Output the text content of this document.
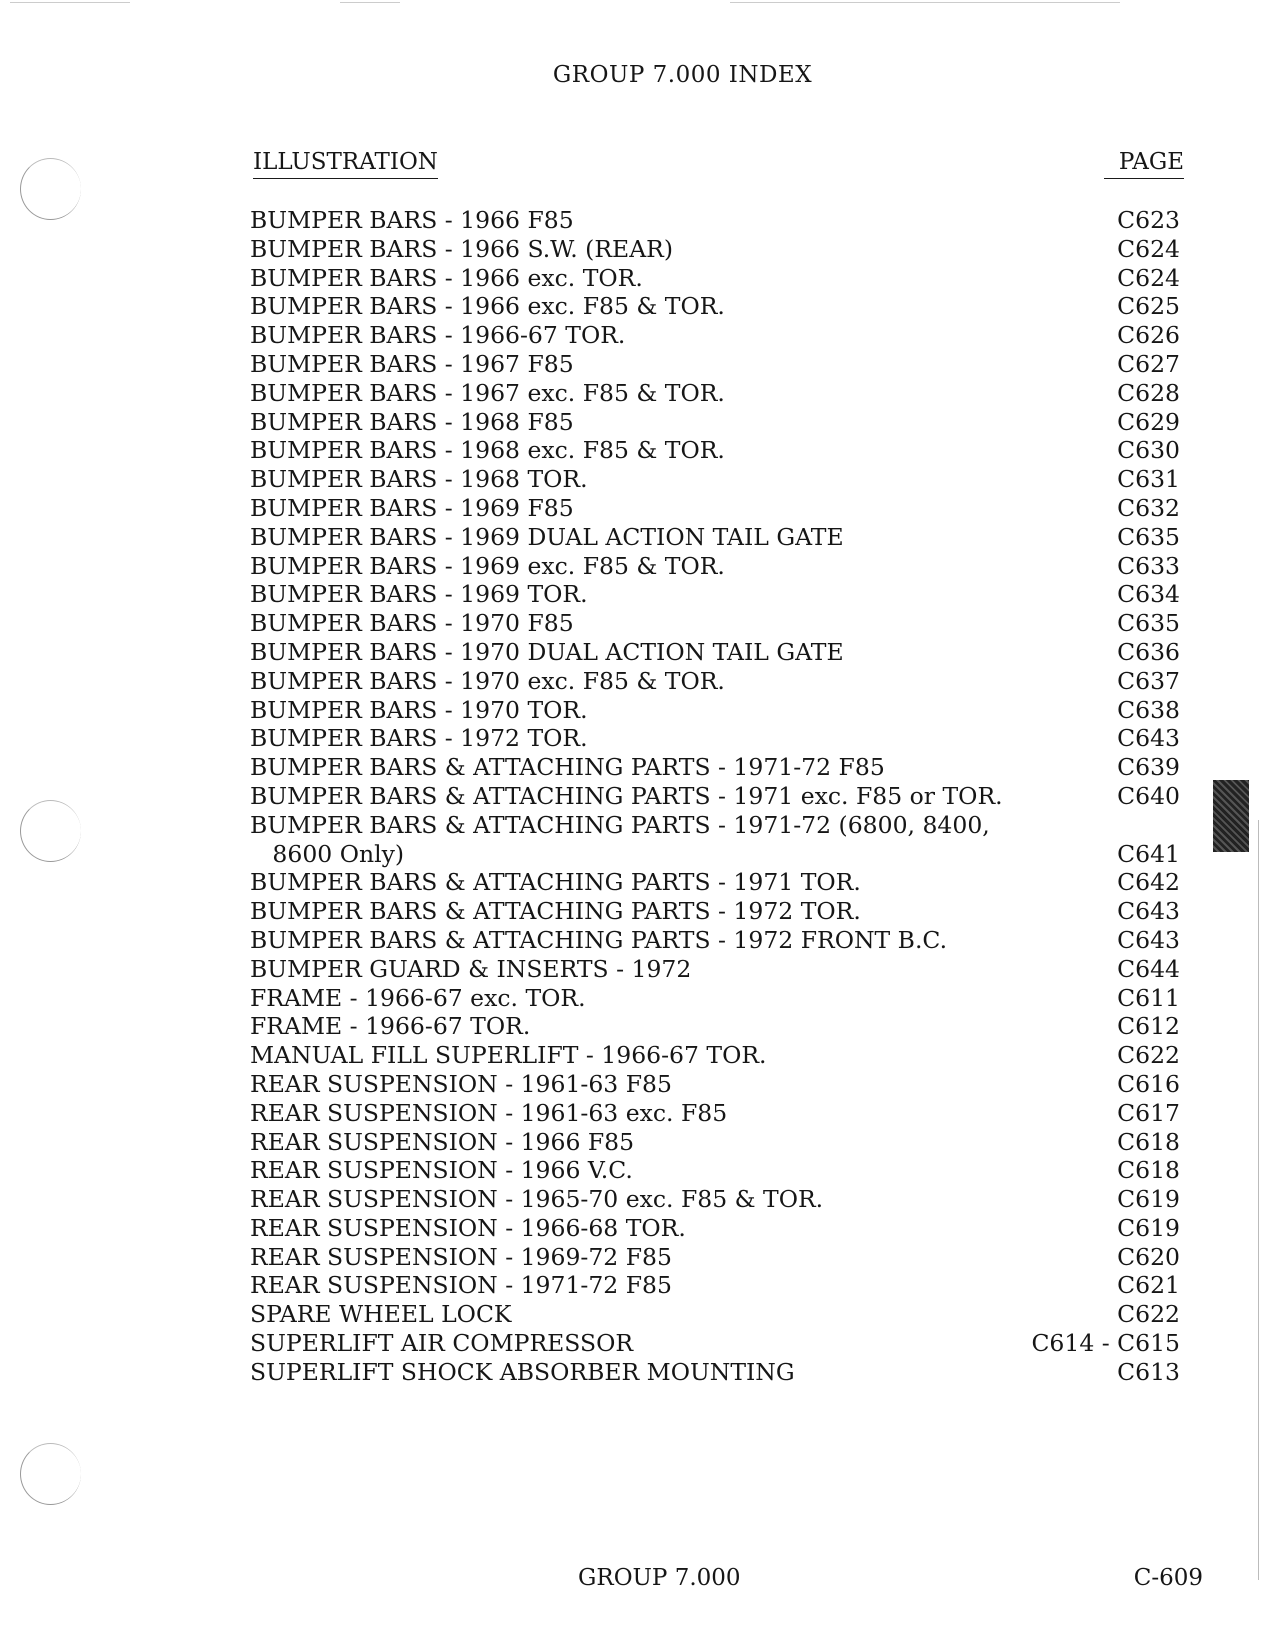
GROUP 7.000 INDEX
ILLUSTRATION	PAGE
BUMPER BARS - 1966 F85	C623
BUMPER BARS - 1966 S.W. (REAR)	C624
BUMPER BARS - 1966 exc. TOR.	C624
BUMPER BARS - 1966 exc. F85 & TOR.	C625
BUMPER BARS - 1966-67 TOR.	C626
BUMPER BARS - 1967 F85	C627
BUMPER BARS - 1967 exc. F85 & TOR.	C628
BUMPER BARS - 1968 F85	C629
BUMPER BARS - 1968 exc. F85 & TOR.	C630
BUMPER BARS - 1968 TOR.	C631
BUMPER BARS - 1969 F85	C632
BUMPER BARS - 1969 DUAL ACTION TAIL GATE	C635
BUMPER BARS - 1969 exc. F85 & TOR.	C633
BUMPER BARS - 1969 TOR.	C634
BUMPER BARS - 1970 F85	C635
BUMPER BARS - 1970 DUAL ACTION TAIL GATE	C636
BUMPER BARS - 1970 exc. F85 & TOR.	C637
BUMPER BARS - 1970 TOR.	C638
BUMPER BARS - 1972 TOR.	C643
BUMPER BARS & ATTACHING PARTS - 1971-72 F85	C639
BUMPER BARS & ATTACHING PARTS - 1971 exc. F85 or TOR.	C640
BUMPER BARS & ATTACHING PARTS - 1971-72 (6800, 8400,
8600 Only)	C641
BUMPER BARS & ATTACHING PARTS - 1971 TOR.	C642
BUMPER BARS & ATTACHING PARTS - 1972 TOR.	C643
BUMPER BARS & ATTACHING PARTS - 1972 FRONT B.C.	C643
BUMPER GUARD & INSERTS - 1972	C644
FRAME - 1966-67 exc. TOR.	C611
FRAME - 1966-67 TOR.	C612
MANUAL FILL SUPERLIFT - 1966-67 TOR.	C622
REAR SUSPENSION - 1961-63 F85	C616
REAR SUSPENSION - 1961-63 exc. F85	C617
REAR SUSPENSION - 1966 F85	C618
REAR SUSPENSION - 1966 V.C.	C618
REAR SUSPENSION - 1965-70 exc. F85 & TOR.	C619
REAR SUSPENSION - 1966-68 TOR.	C619
REAR SUSPENSION - 1969-72 F85	C620
REAR SUSPENSION - 1971-72 F85	C621
SPARE WHEEL LOCK	C622
SUPERLIFT AIR COMPRESSOR	C614 - C615
SUPERLIFT SHOCK ABSORBER MOUNTING	C613
GROUP 7.000	C-609
